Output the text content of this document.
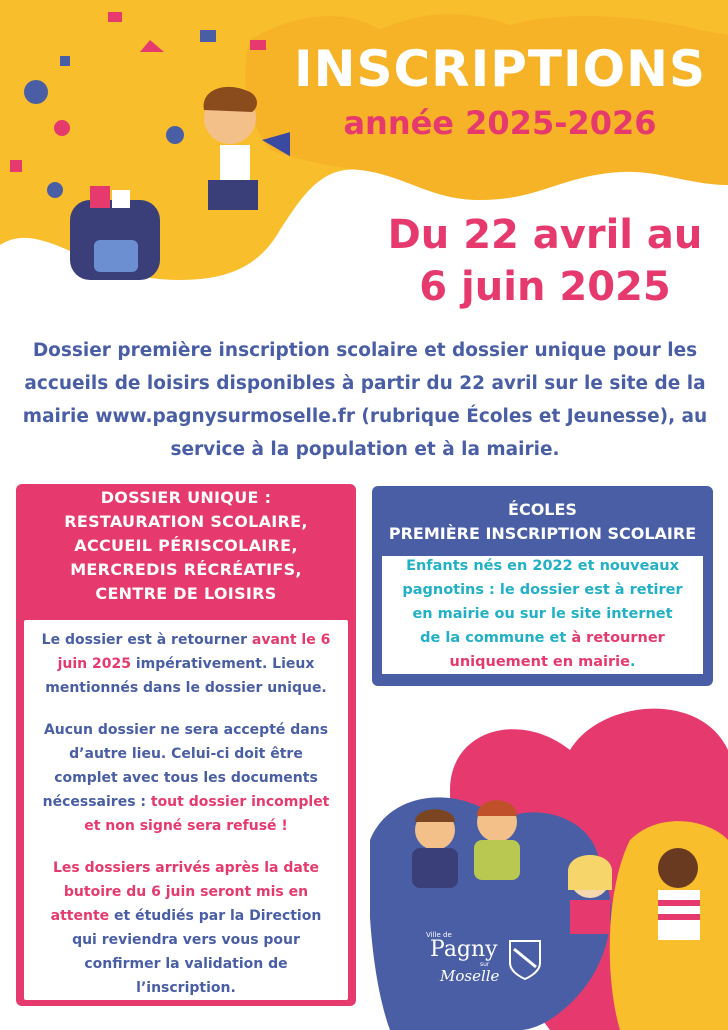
INSCRIPTIONS
année 2025-2026
Du 22 avril au
6 juin 2025
Dossier première inscription scolaire et dossier unique pour les accueils de loisirs disponibles à partir du 22 avril sur le site de la mairie www.pagnysurmoselle.fr (rubrique Écoles et Jeunesse), au service à la population et à la mairie.
DOSSIER UNIQUE :
RESTAURATION SCOLAIRE,
ACCUEIL PÉRISCOLAIRE,
MERCREDIS RÉCRÉATIFS,
CENTRE DE LOISIRS
Le dossier est à retourner avant le 6
juin 2025 impérativement. Lieux
mentionnés dans le dossier unique.
Aucun dossier ne sera accepté dans
d’autre lieu. Celui-ci doit être
complet avec tous les documents
nécessaires : tout dossier incomplet
et non signé sera refusé !
Les dossiers arrivés après la date
butoire du 6 juin seront mis en
attente et étudiés par la Direction
qui reviendra vers vous pour
confirmer la validation de
l’inscription.
ÉCOLES
PREMIÈRE INSCRIPTION SCOLAIRE
Enfants nés en 2022 et nouveaux
pagnotins : le dossier est à retirer
en mairie ou sur le site internet
de la commune et à retourner
uniquement en mairie.
Ville de
Pagny
sur
Moselle
